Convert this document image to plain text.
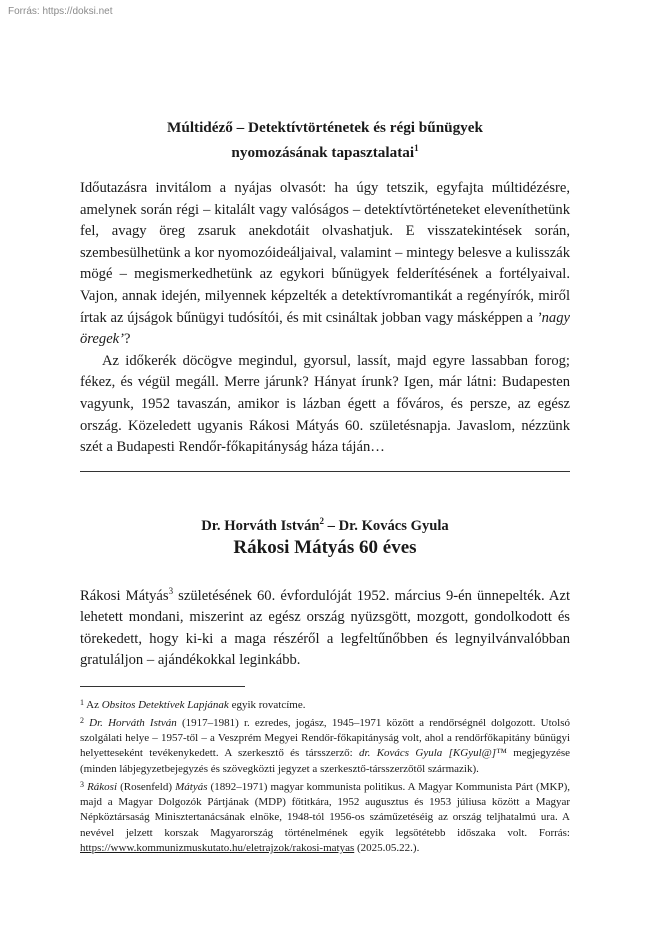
Forrás: https://doksi.net
Múltidéző – Detektívtörténetek és régi bűnügyek
nyomozásának tapasztalatai$^1$

Időutazásra invitálom a nyájas olvasót: ha úgy tetszik, egyfajta múltidézésre, amelynek során régi – kitalált vagy valóságos – detektívtörténeteket eleveníthetünk fel, avagy öreg zsaruk anekdotáit olvashatjuk. E visszatekintések során, szembesülhetünk a kor nyomozóideáljaival, valamint – mintegy belesve a kulisszák mögé – megismerkedhetünk az egykori bűnügyek felderítésének a fortélyaival. Vajon, annak idején, milyennek képzelték a detektívromantikát a regényírók, miről írtak az újságok bűnügyi tudósítói, és mit csináltak jobban vagy másképpen a ’nagy öregek’?

Az időkerék döcögve megindul, gyorsul, lassít, majd egyre lassabban forog; fékez, és végül megáll. Merre járunk? Hányat írunk? Igen, már látni: Budapesten vagyunk, 1952 tavaszán, amikor is lázban égett a főváros, és persze, az egész ország. Közeledett ugyanis Rákosi Mátyás 60. születésnapja. Javaslom, nézzünk szét a Budapesti Rendőr-főkapitányság háza táján…

Dr. Horváth István$^2$ – Dr. Kovács Gyula
Rákosi Mátyás 60 éves

Rákosi Mátyás$^3$ születésének 60. évfordulóját 1952. március 9-én ünnepelték. Azt lehetett mondani, miszerint az egész ország nyüzsgött, mozgott, gondolkodott és törekedett, hogy ki-ki a maga részéről a legfeltűnőbben és legnyilvánvalóbban gratuláljon – ajándékokkal leginkább.

$^1$ Az Obsitos Detektívek Lapjának egyik rovatcíme.

$^2$ Dr. Horváth István (1917–1981) r. ezredes, jogász, 1945–1971 között a rendőrségnél dolgozott. Utolsó szolgálati helye – 1957-től – a Veszprém Megyei Rendőr-főkapitányság volt, ahol a rendőrfőkapitány bűnügyi helyetteseként tevékenykedett. A szerkesztő és társszerző: dr. Kovács Gyula [KGyul@]™ megjegyzése (minden lábjegyzetbejegyzés és szövegközti jegyzet a szerkesztő-társszerzőtől származik).

$^3$ Rákosi (Rosenfeld) Mátyás (1892–1971) magyar kommunista politikus. A Magyar Kommunista Párt (MKP), majd a Magyar Dolgozók Pártjának (MDP) főtitkára, 1952 augusztus és 1953 júliusa között a Magyar Népköztársaság Minisztertanácsának elnöke, 1948-tól 1956-os száműzetéséig az ország teljhatalmú ura. A nevével jelzett korszak Magyarország történelmének egyik legsötétebb időszaka volt. Forrás: https://www.kommunizmuskutato.hu/eletrajzok/rakosi-matyas (2025.05.22.).
